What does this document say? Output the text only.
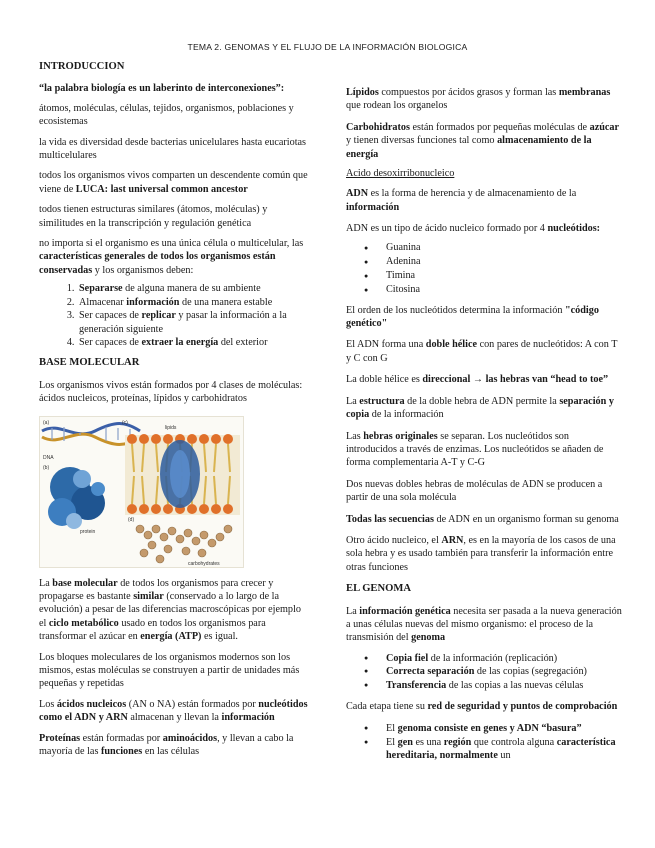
TEMA 2. GENOMAS Y EL FLUJO DE LA INFORMACIÓN BIOLOGICA

INTRODUCCION

“la palabra biología es un laberinto de interconexiones”:

átomos, moléculas, células, tejidos, organismos, poblaciones y ecosistemas

la vida es diversidad desde bacterias unicelulares hasta eucariotas multicelulares

todos los organismos vivos comparten un descendente común que viene de LUCA: last universal common ancestor

todos tienen estructuras similares (átomos, moléculas) y similitudes en la transcripción y regulación genética

no importa si el organismo es una única célula o multicelular, las características generales de todos los organismos están conservadas y los organismos deben:

1. Separarse de alguna manera de su ambiente
2. Almacenar información de una manera estable
3. Ser capaces de replicar y pasar la información a la generación siguiente
4. Ser capaces de extraer la energía del exterior

BASE MOLECULAR

Los organismos vivos están formados por 4 clases de moléculas: ácidos nucleicos, proteínas, lípidos y carbohidratos

(a)	(c)
DNA
(b)
lipids
protein
(d)
carbohydrates

La base molecular de todos los organismos para crecer y propagarse es bastante similar (conservado a lo largo de la evolución) a pesar de las diferencias macroscópicas por ejemplo el ciclo metabólico usado en todos los organismos para transformar el azúcar en energía (ATP) es igual.

Los bloques moleculares de los organismos modernos son los mismos, estas moléculas se construyen a partir de unidades más pequeñas y repetidas

Los ácidos nucleicos (AN o NA) están formados por nucleótidos como el ADN y ARN almacenan y llevan la información

Proteínas están formadas por aminoácidos, y llevan a cabo la mayoría de las funciones en las células

Lípidos compuestos por ácidos grasos y forman las membranas que rodean los organelos

Carbohidratos están formados por pequeñas moléculas de azúcar y tienen diversas funciones tal como almacenamiento de la energía

Acido desoxirribonucleico

ADN es la forma de herencia y de almacenamiento de la información

ADN es un tipo de ácido nucleico formado por 4 nucleótidos:

● Guanina
● Adenina
● Timina
● Citosina

El orden de los nucleótidos determina la información "código genético"

El ADN forma una doble hélice con pares de nucleótidos: A con T y C con G

La doble hélice es direccional → las hebras van “head to toe”

La estructura de la doble hebra de ADN permite la separación y copia de la información

Las hebras originales se separan. Los nucleótidos son introducidos a través de enzimas. Los nucleótidos se añaden de forma complementaria A-T y C-G

Dos nuevas dobles hebras de moléculas de ADN se producen a partir de una sola molécula

Todas las secuencias de ADN en un organismo forman su genoma

Otro ácido nucleico, el ARN, es en la mayoría de los casos de una sola hebra y es usado también para transferir la información entre otras funciones

EL GENOMA

La información genética necesita ser pasada a la nueva generación a unas células nuevas del mismo organismo: el proceso de la transmisión del genoma

● Copia fiel de la información (replicación)
● Correcta separación de las copias (segregación)
● Transferencia de las copias a las nuevas células

Cada etapa tiene su red de seguridad y puntos de comprobación

● El genoma consiste en genes y ADN “basura”
● El gen es una región que controla alguna característica hereditaria, normalmente un
